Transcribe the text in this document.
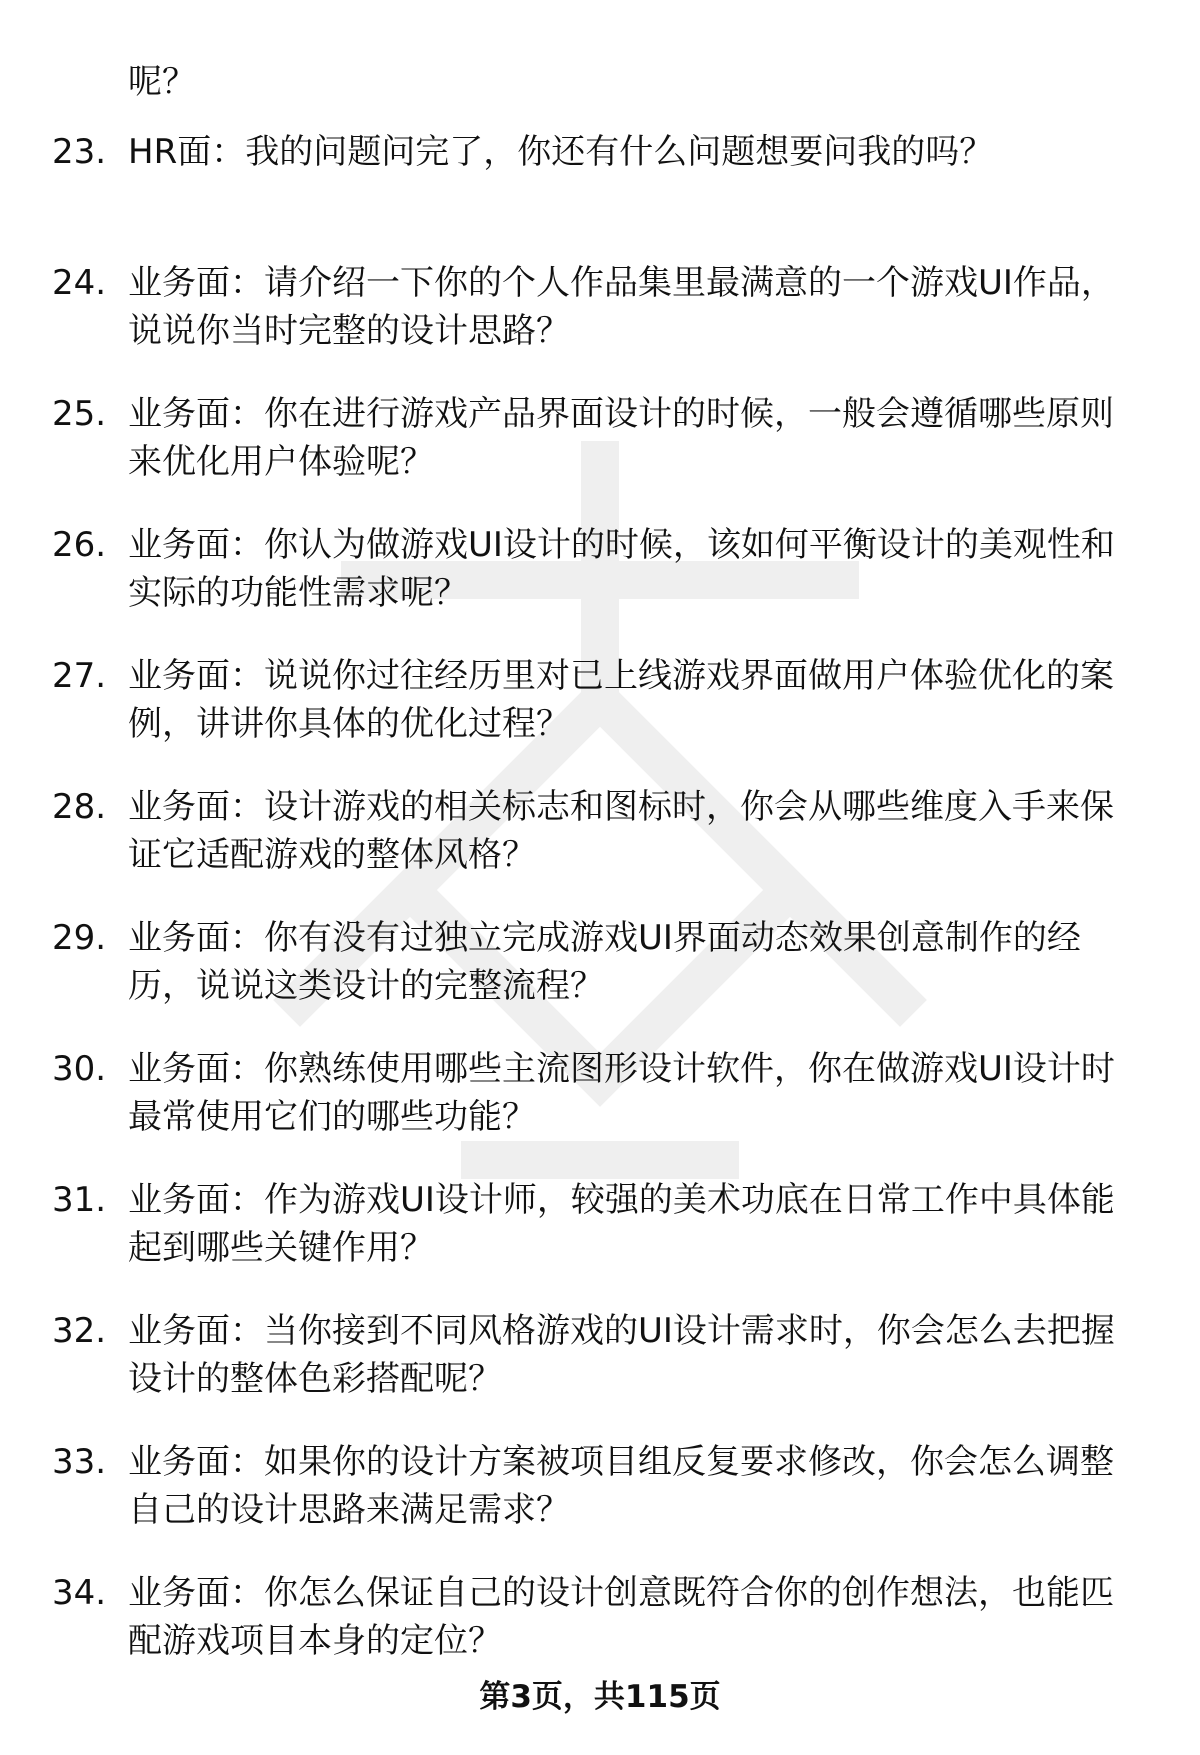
呢？
23. HR面：我的问题问完了，你还有什么问题想要问我的吗？
24. 业务面：请介绍一下你的个人作品集里最满意的一个游戏UI作品，说说你当时完整的设计思路？
25. 业务面：你在进行游戏产品界面设计的时候，一般会遵循哪些原则来优化用户体验呢？
26. 业务面：你认为做游戏UI设计的时候，该如何平衡设计的美观性和实际的功能性需求呢？
27. 业务面：说说你过往经历里对已上线游戏界面做用户体验优化的案例，讲讲你具体的优化过程？
28. 业务面：设计游戏的相关标志和图标时，你会从哪些维度入手来保证它适配游戏的整体风格？
29. 业务面：你有没有过独立完成游戏UI界面动态效果创意制作的经历，说说这类设计的完整流程？
30. 业务面：你熟练使用哪些主流图形设计软件，你在做游戏UI设计时最常使用它们的哪些功能？
31. 业务面：作为游戏UI设计师，较强的美术功底在日常工作中具体能起到哪些关键作用？
32. 业务面：当你接到不同风格游戏的UI设计需求时，你会怎么去把握设计的整体色彩搭配呢？
33. 业务面：如果你的设计方案被项目组反复要求修改，你会怎么调整自己的设计思路来满足需求？
34. 业务面：你怎么保证自己的设计创意既符合你的创作想法，也能匹配游戏项目本身的定位？
第3页，共115页
